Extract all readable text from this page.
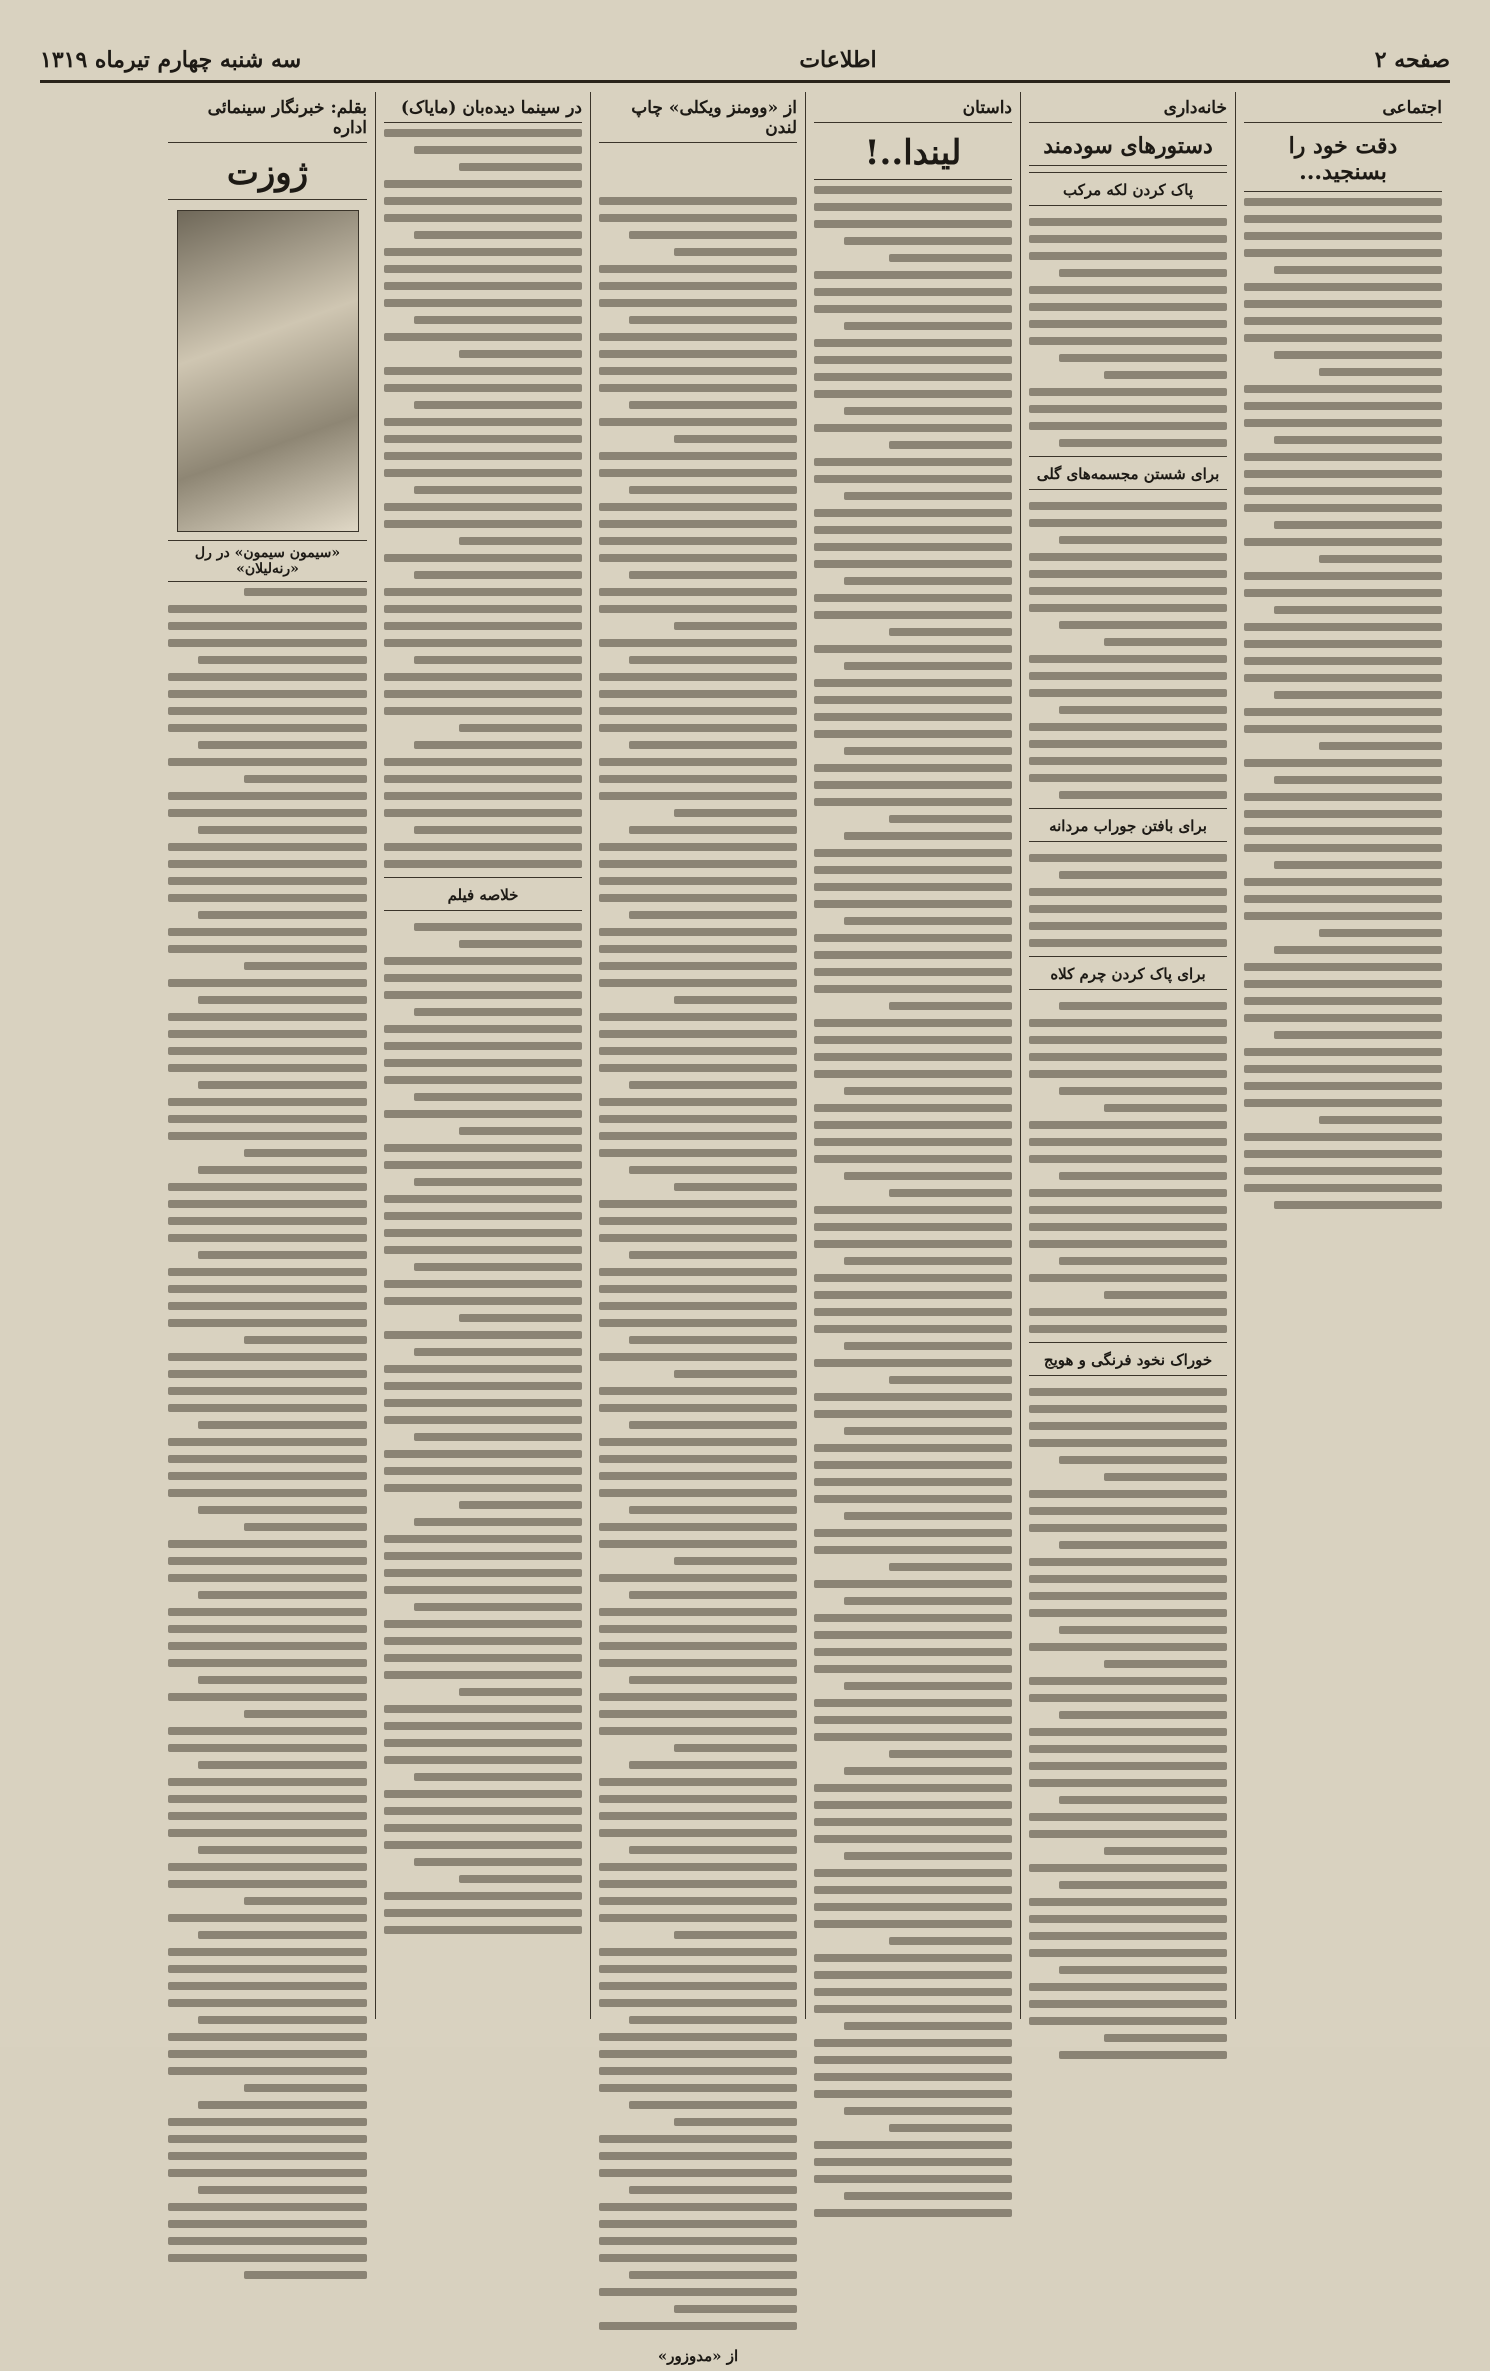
صفحه ۲
اطلاعات
سه شنبه چهارم تیرماه ۱۳۱۹
اجتماعی
دقت خود را بسنجید...
خانه‌داری
دستورهای سودمند
پاک کردن لکه مرکب
برای شستن مجسمه‌های گلی
برای بافتن جوراب مردانه
برای پاک کردن چرم کلاه
خوراک نخود فرنگی و هویج
داستان
لیندا..!
از «وومنز ویکلی» چاپ لندن
از «مدوزور»
در سینما دیده‌بان (مایاک)
خلاصه فیلم
بقلم: خبرنگار سینمائی اداره
ژوزت
«سیمون سیمون» در رل «رنه‌لیلان»
